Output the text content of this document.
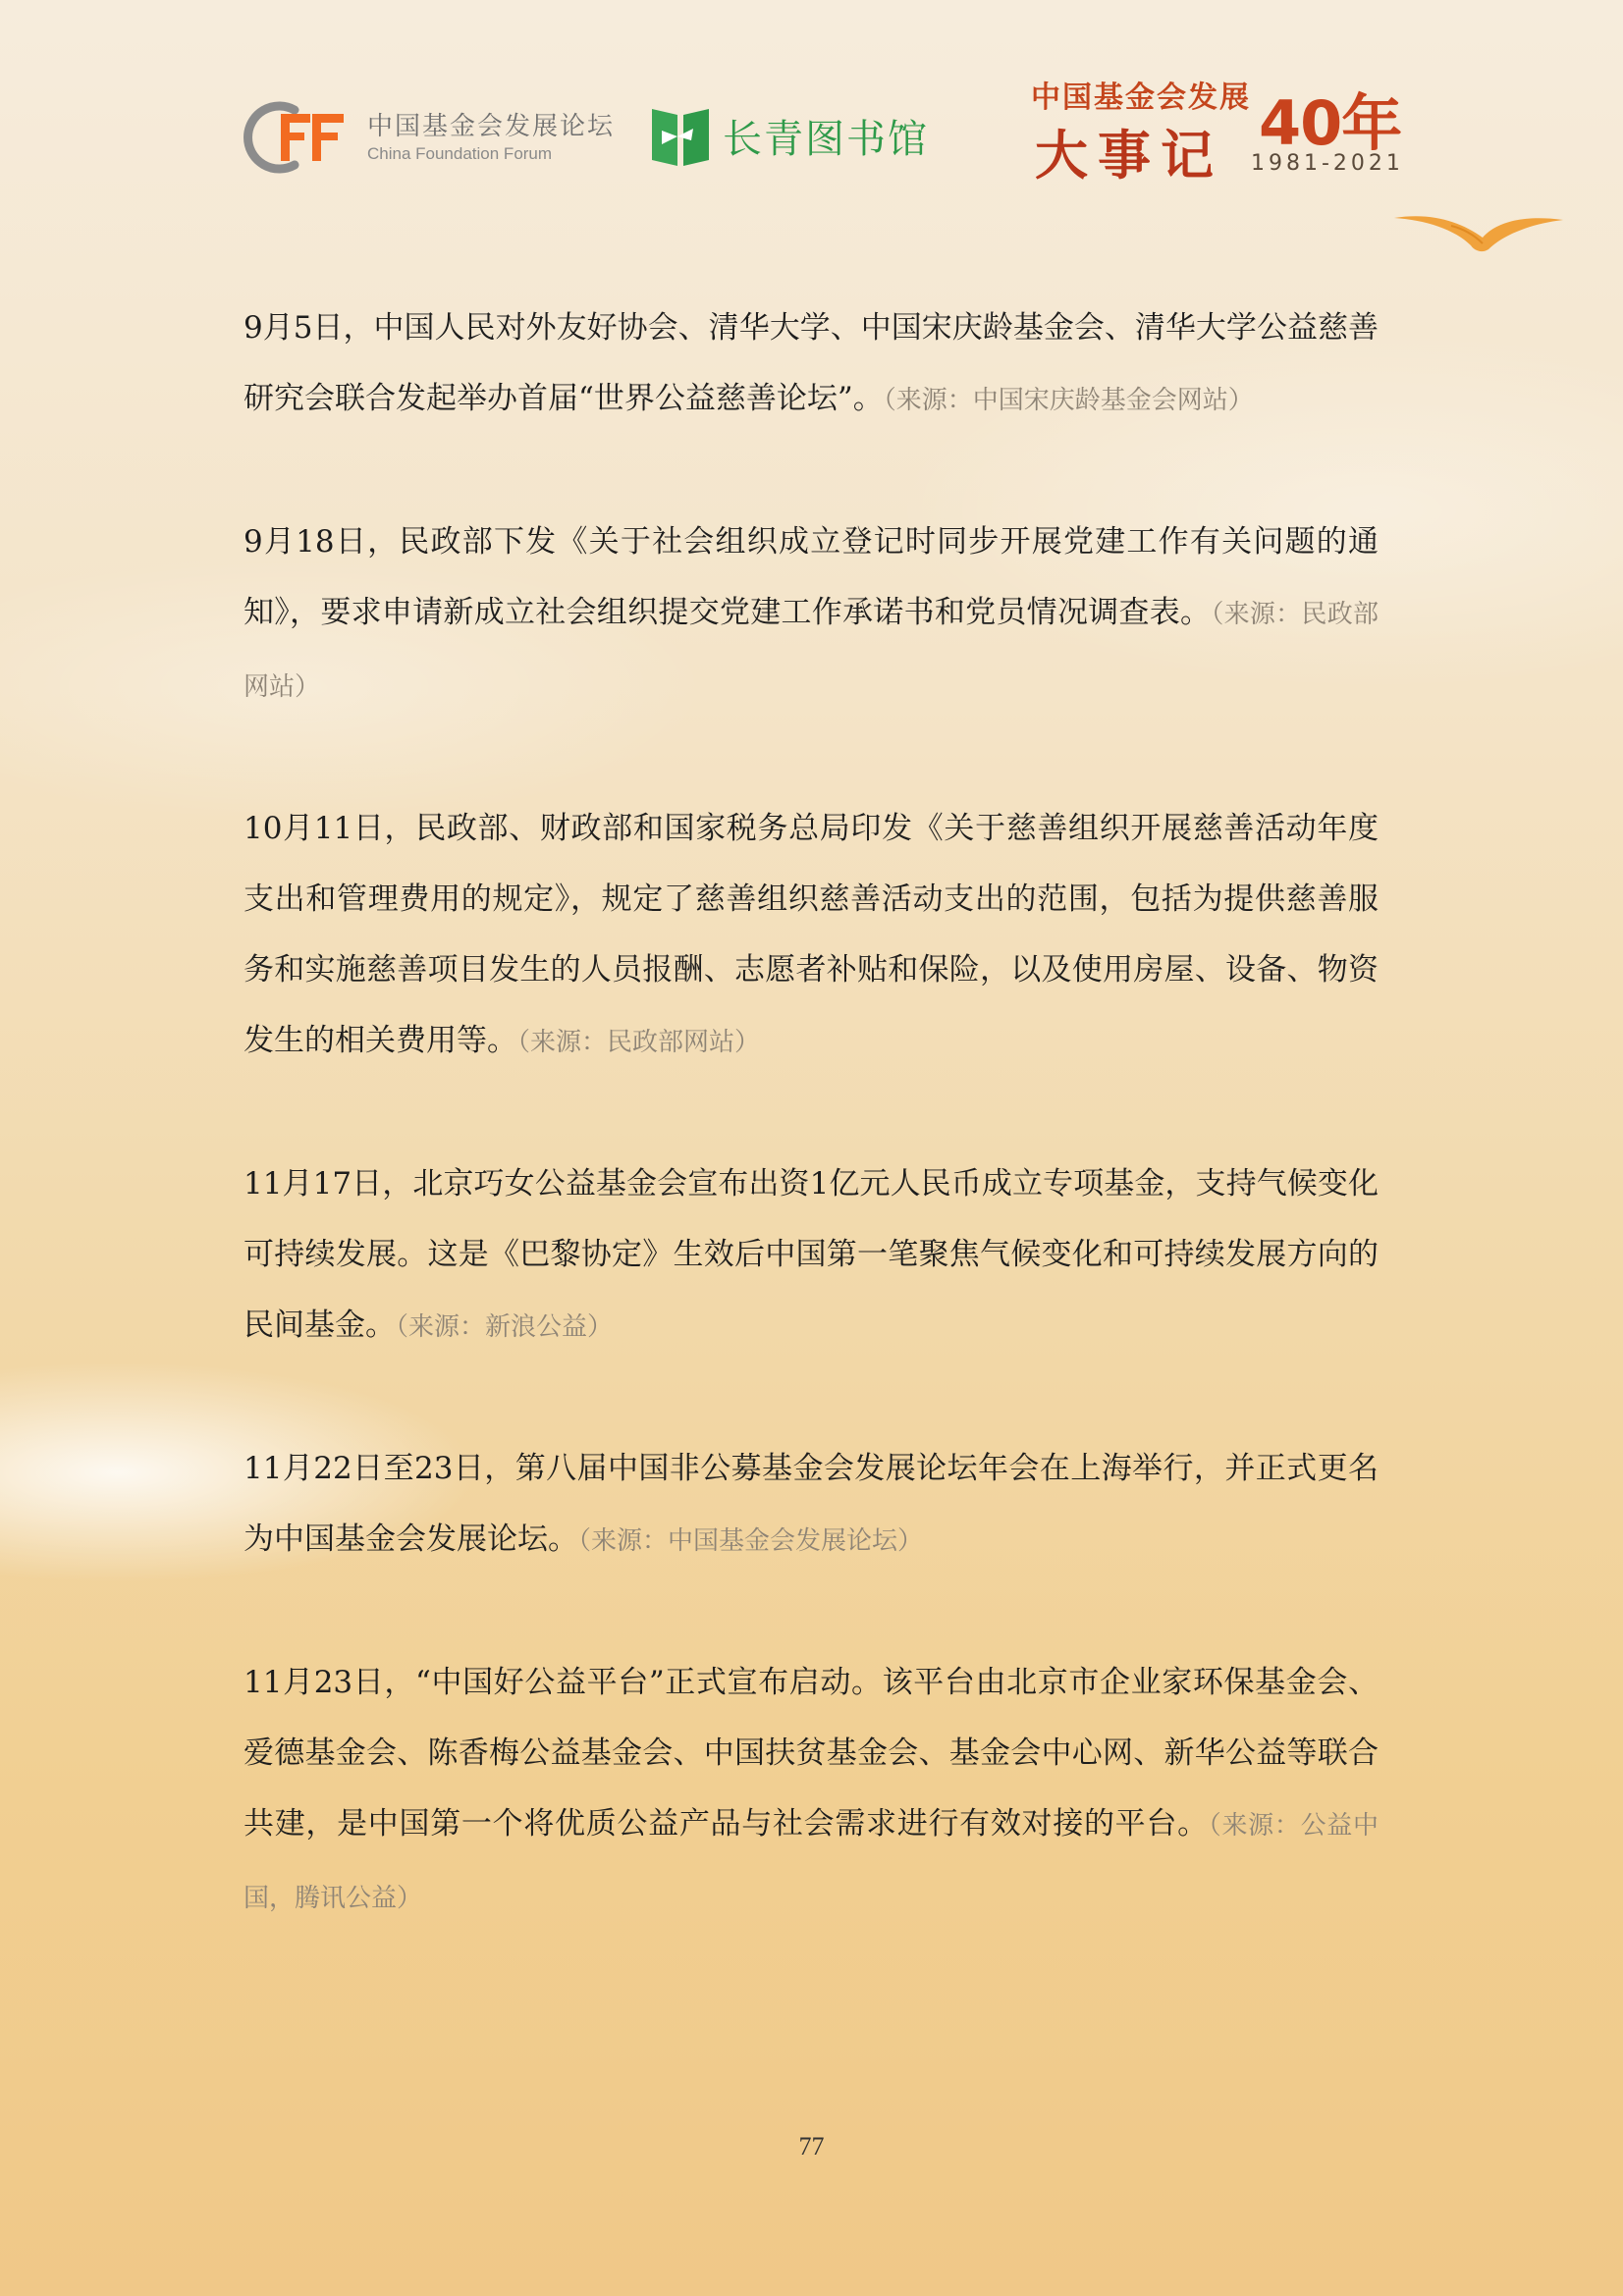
中国基金会发展论坛
China Foundation Forum	长青图书馆
中国基金会发展
大事记 40年
1981-2021

9月5日，中国人民对外友好协会、清华大学、中国宋庆龄基金会、清华大学公益慈善研究会联合发起举办首届“世界公益慈善论坛”。（来源：中国宋庆龄基金会网站）

9月18日，民政部下发《关于社会组织成立登记时同步开展党建工作有关问题的通知》，要求申请新成立社会组织提交党建工作承诺书和党员情况调查表。（来源：民政部网站）

10月11日，民政部、财政部和国家税务总局印发《关于慈善组织开展慈善活动年度支出和管理费用的规定》，规定了慈善组织慈善活动支出的范围，包括为提供慈善服务和实施慈善项目发生的人员报酬、志愿者补贴和保险，以及使用房屋、设备、物资发生的相关费用等。（来源：民政部网站）

11月17日，北京巧女公益基金会宣布出资1亿元人民币成立专项基金，支持气候变化可持续发展。这是《巴黎协定》生效后中国第一笔聚焦气候变化和可持续发展方向的民间基金。（来源：新浪公益）

11月22日至23日，第八届中国非公募基金会发展论坛年会在上海举行，并正式更名为中国基金会发展论坛。（来源：中国基金会发展论坛）

11月23日，“中国好公益平台”正式宣布启动。该平台由北京市企业家环保基金会、爱德基金会、陈香梅公益基金会、中国扶贫基金会、基金会中心网、新华公益等联合共建，是中国第一个将优质公益产品与社会需求进行有效对接的平台。（来源：公益中国，腾讯公益）

77
